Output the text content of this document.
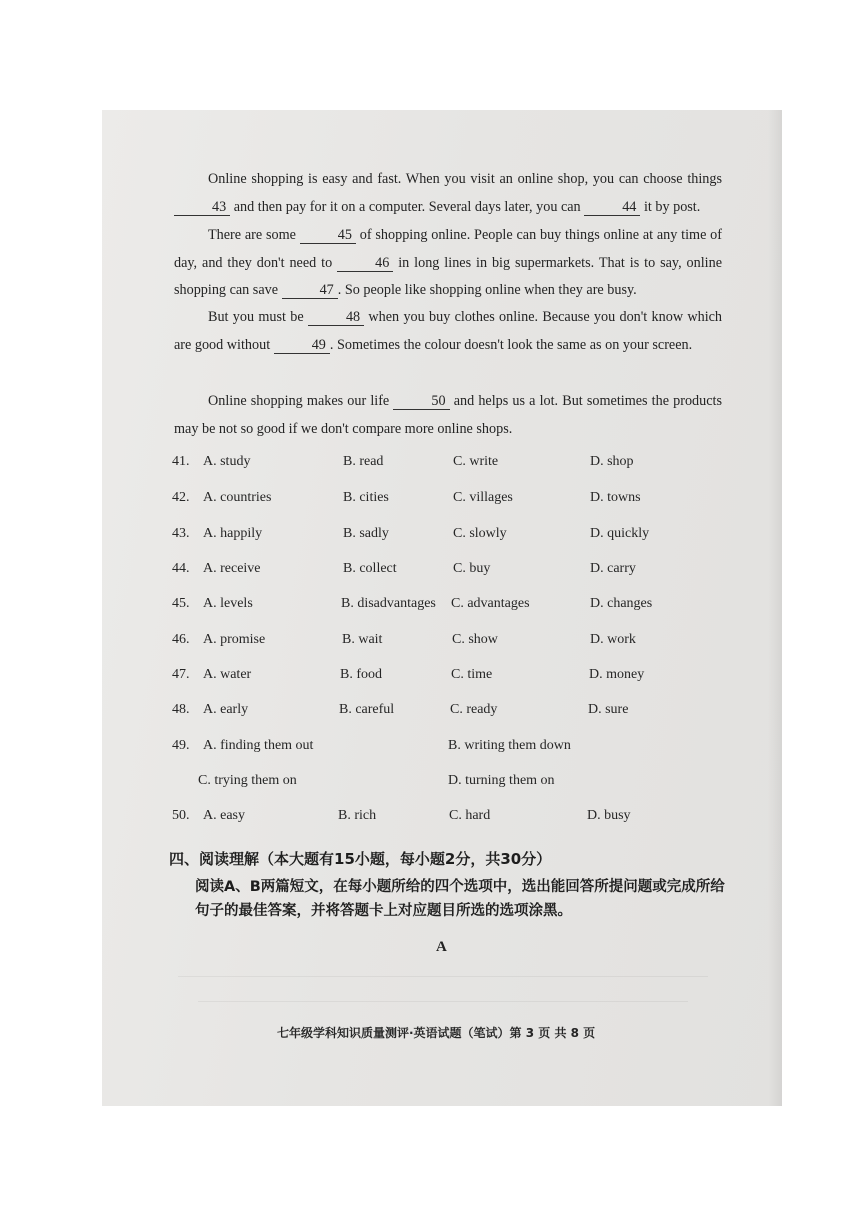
Online shopping is easy and fast. When you visit an online shop, you can choose things 43 and then pay for it on a computer. Several days later, you can	44 it by post.
There are some	45 of shopping online. People can buy things online at any time of day, and they don't need to	46 in long lines in big supermarkets. That is to say, online shopping can save	47 . So people like shopping online when they are busy.
But you must be	48 when you buy clothes online. Because you don't know which are good without	49 . Sometimes the colour doesn't look the same as on your screen.
Online shopping makes our life	50 and helps us a lot. But sometimes the products may be not so good if we don't compare more online shops.
41. A. study	B. read	C. write	D. shop
42. A. countries	B. cities	C. villages	D. towns
43. A. happily	B. sadly	C. slowly	D. quickly
44. A. receive	B. collect	C. buy	D. carry
45. A. levels	B. disadvantages C. advantages	D. changes
46. A. promise	B. wait	C. show	D. work
47. A. water	B. food	C. time	D. money
48. A. early	B. careful	C. ready	D. sure
49. A. finding them out	B. writing them down
C. trying them on	D. turning them on
50. A. easy	B. rich	C. hard	D. busy
四、阅读理解（本大题有15小题，每小题2分，共30分）
阅读A、B两篇短文，在每小题所给的四个选项中，选出能回答所提问题或完成所给句子的最佳答案，并将答题卡上对应题目所选的选项涂黑。
A
七年级学科知识质量测评·英语试题（笔试）第 3 页 共 8 页
